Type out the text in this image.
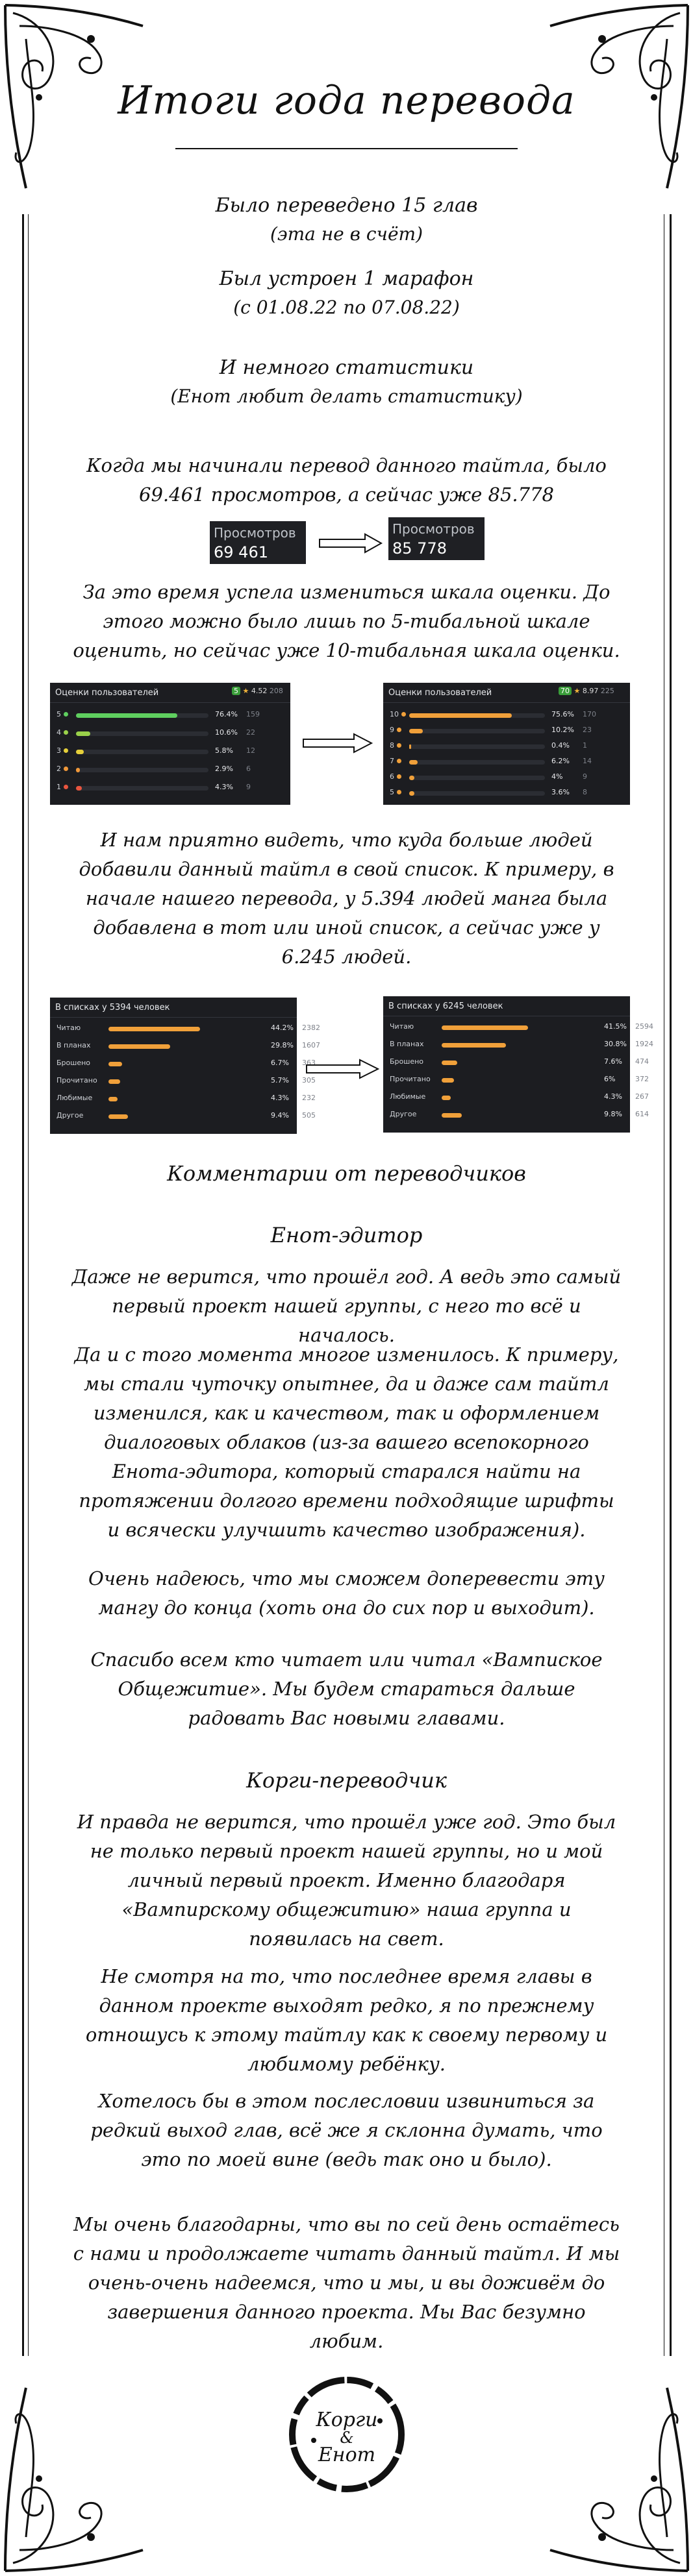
Итоги года перевода

Было переведено 15 глав

(эта не в счёт)

Был устроен 1 марафон

(с 01.08.22 по 07.08.22)

И немного статистики

(Енот любит делать статистику)

Когда мы начинали перевод данного тайтла, было 69.461 просмотров, а сейчас уже 85.778

Просмотров
69 461
Просмотров
85 778

За это время успела измениться шкала оценки. До этого можно было лишь по 5-тибальной шкале оценить, но сейчас уже 10-тибальная шкала оценки.

Оценки пользователей	5 ★ 4.52 208
5	76.4% 159
4	10.6% 22
3	5.8% 12
2	2.9% 6
1	4.3% 9
Оценки пользователей	70 ★ 8.97 225
10	75.6% 170
9	10.2% 23
8	0.4% 1
7	6.2% 14
6	4%	9
5	3.6% 8

И нам приятно видеть, что куда больше людей добавили данный тайтл в свой список. К примеру, в начале нашего перевода, у 5.394 людей манга была добавлена в тот или иной список, а сейчас уже у 6.245 людей.

В списках у 5394 человек
Читаю	44.2% 2382
В планах	29.8% 1607
Брошено	6.7% 363
Прочитано	5.7% 305
Любимые	4.3% 232
Другое	9.4% 505
В списках у 6245 человек
Читаю	41.5% 2594
В планах	30.8% 1924
Брошено	7.6% 474
Прочитано	6%	372
Любимые	4.3% 267
Другое	9.8% 614
Комментарии от переводчиков
Енот-эдитор

Даже не верится, что прошёл год. А ведь это самый первый проект нашей группы, с него то всё и началось.

Да и с того момента многое изменилось. К примеру, мы стали чуточку опытнее, да и даже сам тайтл изменился, как и качеством, так и оформлением диалоговых облаков (из-за вашего всепокорного Енота-эдитора, который старался найти на протяжении долгого времени подходящие шрифты и всячески улучшить качество изображения).

Очень надеюсь, что мы сможем доперевести эту мангу до конца (хоть она до сих пор и выходит).

Спасибо всем кто читает или читал «Вампиское Общежитие». Мы будем стараться дальше радовать Вас новыми главами.

Корги-переводчик

И правда не верится, что прошёл уже год. Это был не только первый проект нашей группы, но и мой личный первый проект. Именно благодаря «Вампирскому общежитию» наша группа и появилась на свет.

Не смотря на то, что последнее время главы в данном проекте выходят редко, я по прежнему отношусь к этому тайтлу как к своему первому и любимому ребёнку.

Хотелось бы в этом послесловии извиниться за редкий выход глав, всё же я склонна думать, что это по моей вине (ведь так оно и было).

Мы очень благодарны, что вы по сей день остаётесь с нами и продолжаете читать данный тайтл. И мы очень-очень надеемся, что и мы, и вы доживём до завершения данного проекта. Мы Вас безумно любим.

Корги
&
Енот
